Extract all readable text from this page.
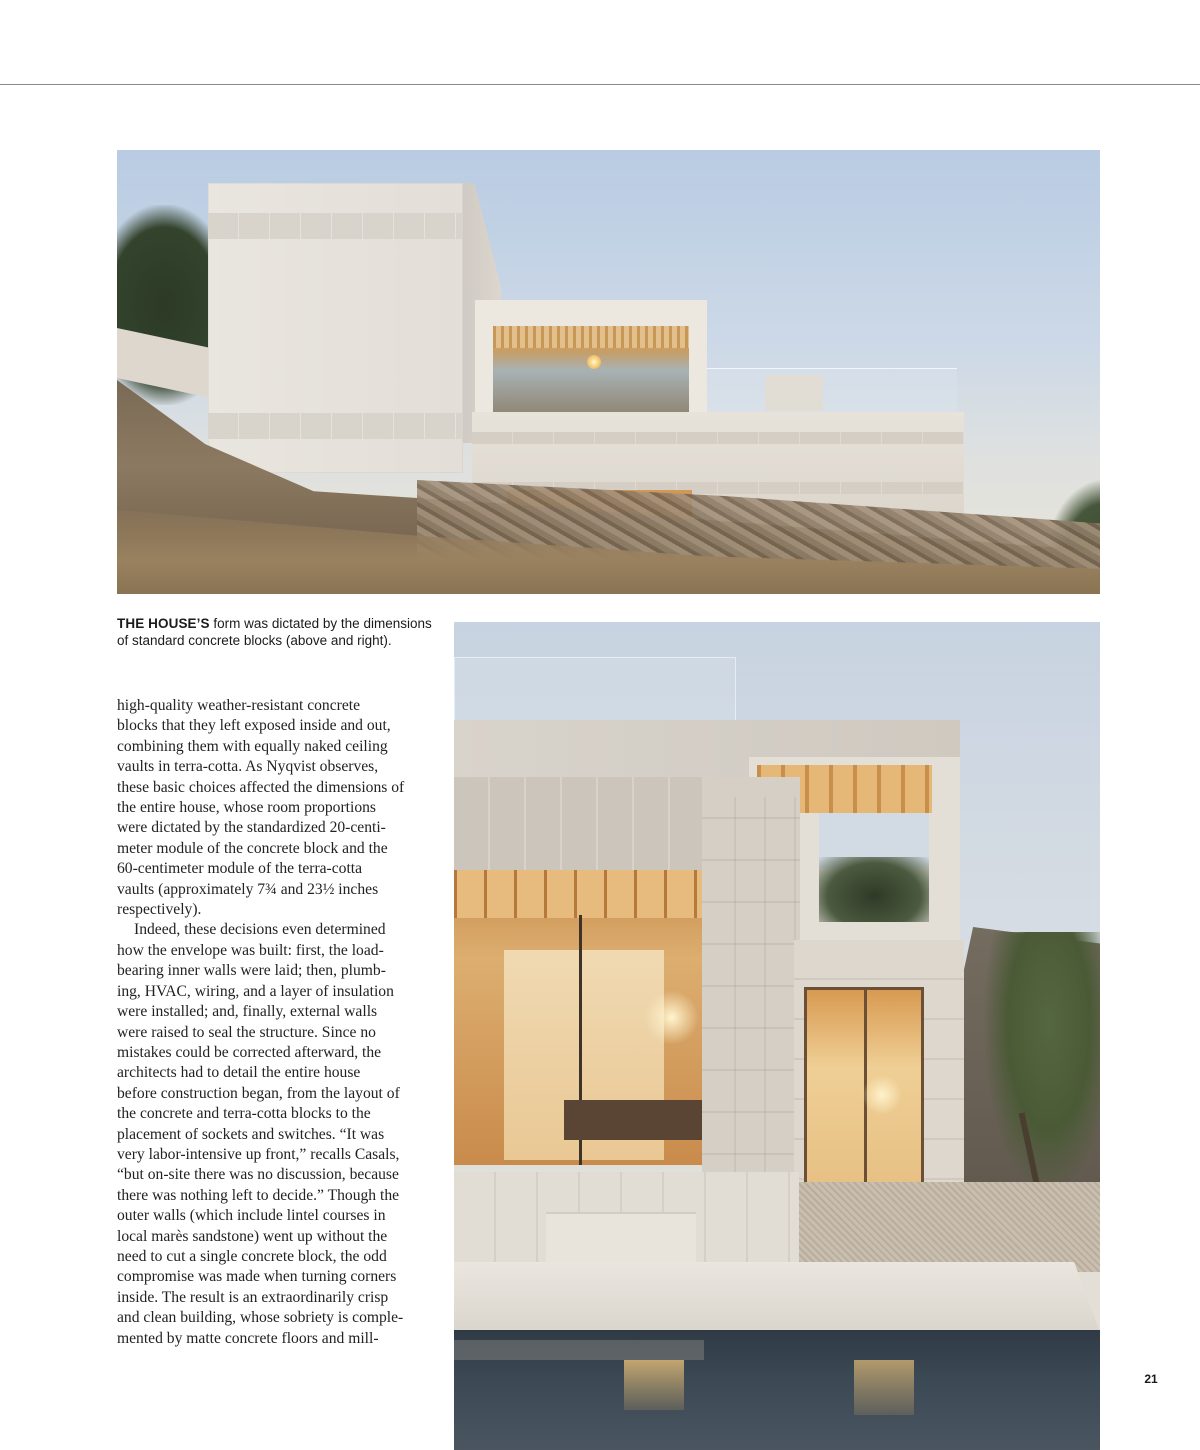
THE HOUSE’S form was dictated by the dimensions of standard concrete blocks (above and right).
high-quality weather-resistant concrete
blocks that they left exposed inside and out,
combining them with equally naked ceiling
vaults in terra-cotta. As Nyqvist observes,
these basic choices affected the dimensions of
the entire house, whose room proportions
were dictated by the standardized 20-centi-
meter module of the concrete block and the
60-centimeter module of the terra-cotta
vaults (approximately 7¾ and 23½ inches
respectively).
Indeed, these decisions even determined
how the envelope was built: first, the load-
bearing inner walls were laid; then, plumb-
ing, HVAC, wiring, and a layer of insulation
were installed; and, finally, external walls
were raised to seal the structure. Since no
mistakes could be corrected afterward, the
architects had to detail the entire house
before construction began, from the layout of
the concrete and terra-cotta blocks to the
placement of sockets and switches. “It was
very labor-intensive up front,” recalls Casals,
“but on-site there was no discussion, because
there was nothing left to decide.” Though the
outer walls (which include lintel courses in
local marès sandstone) went up without the
need to cut a single concrete block, the odd
compromise was made when turning corners
inside. The result is an extraordinarily crisp
and clean building, whose sobriety is comple-
mented by matte concrete floors and mill-
21
